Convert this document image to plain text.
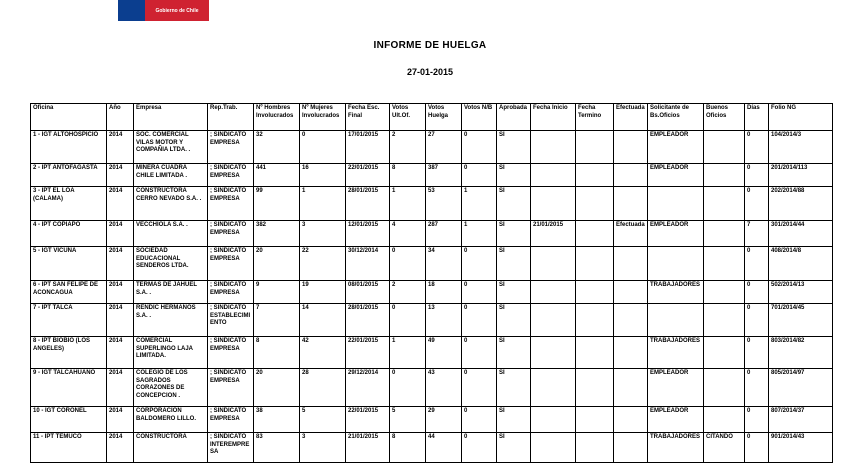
Gobierno de Chile
INFORME DE HUELGA
27-01-2015
Oficina	Año	Empresa	Rep.Trab.	Nº Hombres Involucrados	Nº Mujeres Involucrados	Fecha Esc. Final	Votos Ult.Of.	Votos Huelga	Votos N/B	Aprobada	Fecha Inicio	Fecha Termino	Efectuada	Solicitante de Bs.Oficios	Buenos Oficios	Días	Folio NG
1 - IGT ALTOHOSPICIO	2014	SOC. COMERCIAL VILAS MOTOR Y COMPAÑIA LTDA. .	; SINDICATO EMPRESA	32	0	17/01/2015	2	27	0	SI				EMPLEADOR		0	104/2014/3
2 - IPT ANTOFAGASTA	2014	MINERA CUADRA CHILE LIMITADA .	; SINDICATO EMPRESA	441	16	22/01/2015	8	387	0	SI				EMPLEADOR		0	201/2014/113
3 - IPT EL LOA (CALAMA)	2014	CONSTRUCTORA CERRO NEVADO S.A. .	; SINDICATO EMPRESA	99	1	28/01/2015	1	53	1	SI						0	202/2014/88
4 - IPT COPIAPO	2014	VECCHIOLA S.A. .	; SINDICATO EMPRESA	382	3	12/01/2015	4	287	1	SI	21/01/2015		Efectuada	EMPLEADOR		7	301/2014/44
5 - IGT VICUÑA	2014	SOCIEDAD EDUCACIONAL SENDEROS LTDA.	; SINDICATO EMPRESA	20	22	30/12/2014	0	34	0	SI						0	408/2014/8
6 - IPT SAN FELIPE DE ACONCAGUA	2014	TERMAS DE JAHUEL S.A. .	; SINDICATO EMPRESA	9	19	08/01/2015	2	18	0	SI				TRABAJADORES		0	502/2014/13
7 - IPT TALCA	2014	RENDIC HERMANOS S.A. .	; SINDICATO ESTABLECIMIENTO	7	14	28/01/2015	0	13	0	SI						0	701/2014/45
8 - IPT BIOBIO (LOS ANGELES)	2014	COMERCIAL SUPERLINGO LAJA LIMITADA.	; SINDICATO EMPRESA	8	42	22/01/2015	1	49	0	SI				TRABAJADORES		0	803/2014/82
9 - IGT TALCAHUANO	2014	COLEGIO DE LOS SAGRADOS CORAZONES DE CONCEPCION .	; SINDICATO EMPRESA	20	28	29/12/2014	0	43	0	SI				EMPLEADOR		0	805/2014/97
10 - IGT CORONEL	2014	CORPORACION BALDOMERO LILLO.	; SINDICATO EMPRESA	38	5	22/01/2015	5	29	0	SI				EMPLEADOR		0	807/2014/37
11 - IPT TEMUCO	2014	CONSTRUCTORA	; SINDICATO INTEREMPRESA	83	3	21/01/2015	8	44	0	SI				TRABAJADORES	CITANDO	0	901/2014/43
